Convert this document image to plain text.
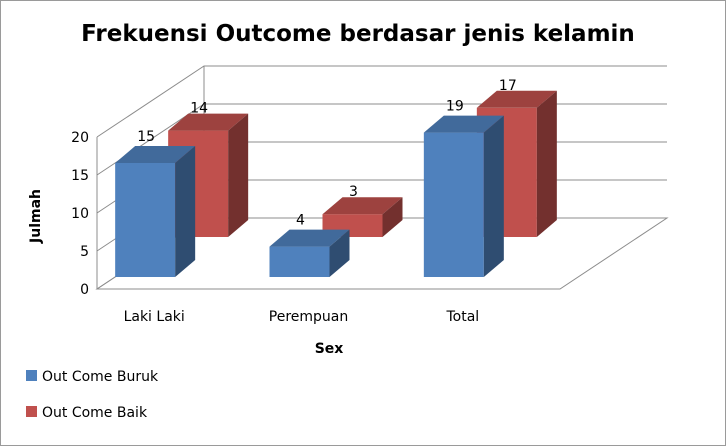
Frekuensi Outcome berdasar jenis kelamin
0
5
10
15
20
14
3
17
15
4
19
Laki Laki	Perempuan	Total
Julmah
Sex
Out Come Buruk
Out Come Baik
